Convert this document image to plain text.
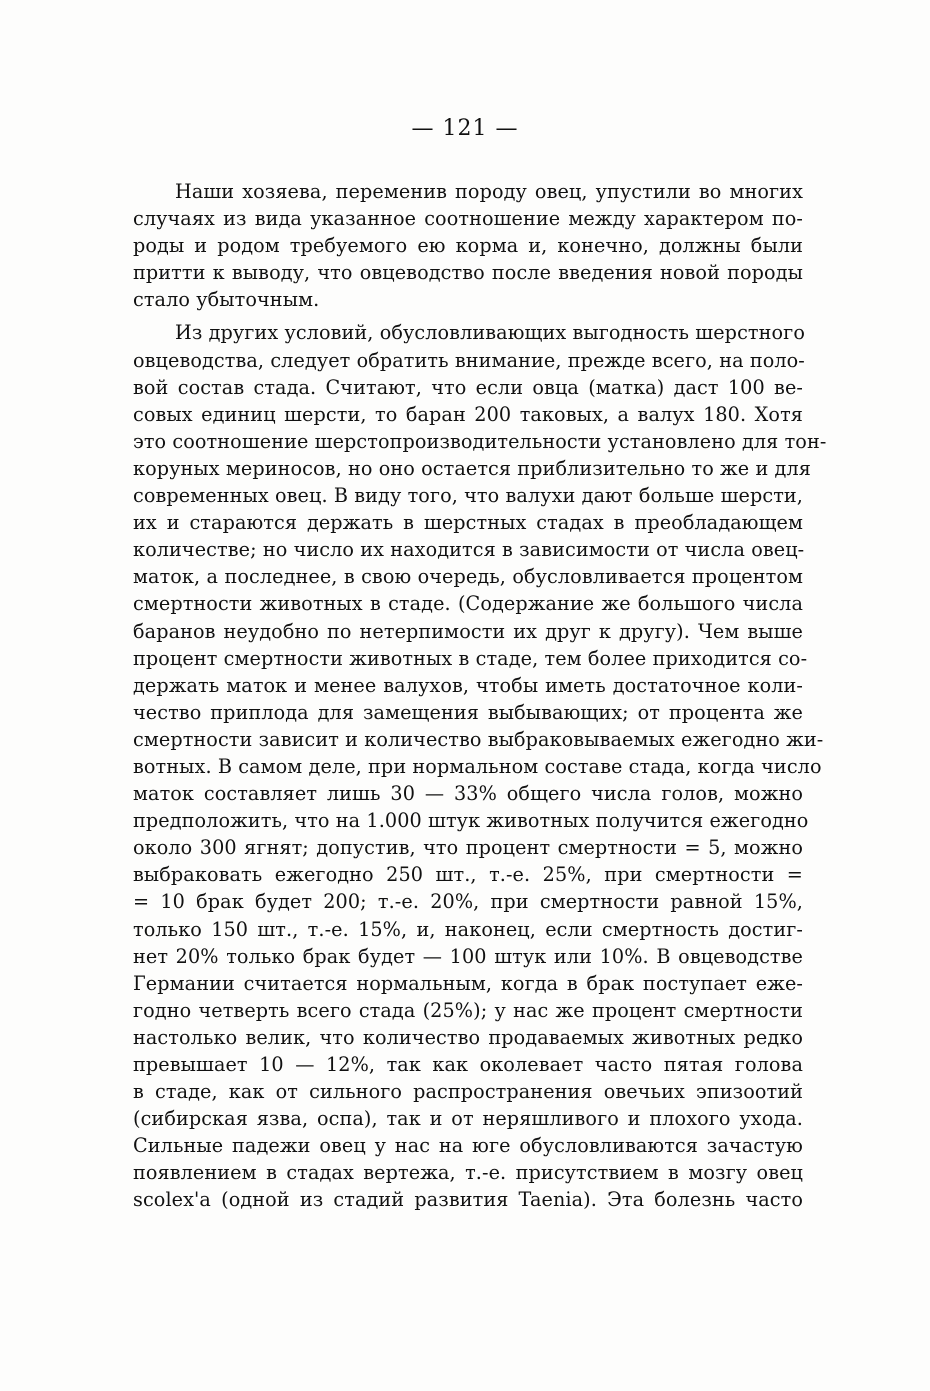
— 121 —
Наши хозяева, переменив породу овец, упустили во многих
случаях из вида указанное соотношение между характером по-
роды и родом требуемого ею корма и, конечно, должны были
притти к выводу, что овцеводство после введения новой породы
стало убыточным.
Из других условий, обусловливающих выгодность шерстного
овцеводства, следует обратить внимание, прежде всего, на поло-
вой состав стада. Считают, что если овца (матка) даст 100 ве-
совых единиц шерсти, то баран 200 таковых, а валух 180. Хотя
это соотношение шерстопроизводительности установлено для тон-
коруных мериносов, но оно остается приблизительно то же и для
современных овец. В виду того, что валухи дают больше шерсти,
их и стараются держать в шерстных стадах в преобладающем
количестве; но число их находится в зависимости от числа овец-
маток, а последнее, в свою очередь, обусловливается процентом
смертности животных в стаде. (Содержание же большого числа
баранов неудобно по нетерпимости их друг к другу). Чем выше
процент смертности животных в стаде, тем более приходится со-
держать маток и менее валухов, чтобы иметь достаточное коли-
чество приплода для замещения выбывающих; от процента же
смертности зависит и количество выбраковываемых ежегодно жи-
вотных. В самом деле, при нормальном составе стада, когда число
маток составляет лишь 30 — 33% общего числа голов, можно
предположить, что на 1.000 штук животных получится ежегодно
около 300 ягнят; допустив, что процент смертности = 5, можно
выбраковать ежегодно 250 шт., т.-е. 25%, при смертности =
= 10 брак будет 200; т.-е. 20%, при смертности равной 15%,
только 150 шт., т.-е. 15%, и, наконец, если смертность достиг-
нет 20% только брак будет — 100 штук или 10%. В овцеводстве
Германии считается нормальным, когда в брак поступает еже-
годно четверть всего стада (25%); у нас же процент смертности
настолько велик, что количество продаваемых животных редко
превышает 10 — 12%, так как околевает часто пятая голова
в стаде, как от сильного распространения овечьих эпизоотий
(сибирская язва, оспа), так и от неряшливого и плохого ухода.
Сильные падежи овец у нас на юге обусловливаются зачастую
появлением в стадах вертежа, т.-е. присутствием в мозгу овец
scolex'а (одной из стадий развития Taenia). Эта болезнь часто
